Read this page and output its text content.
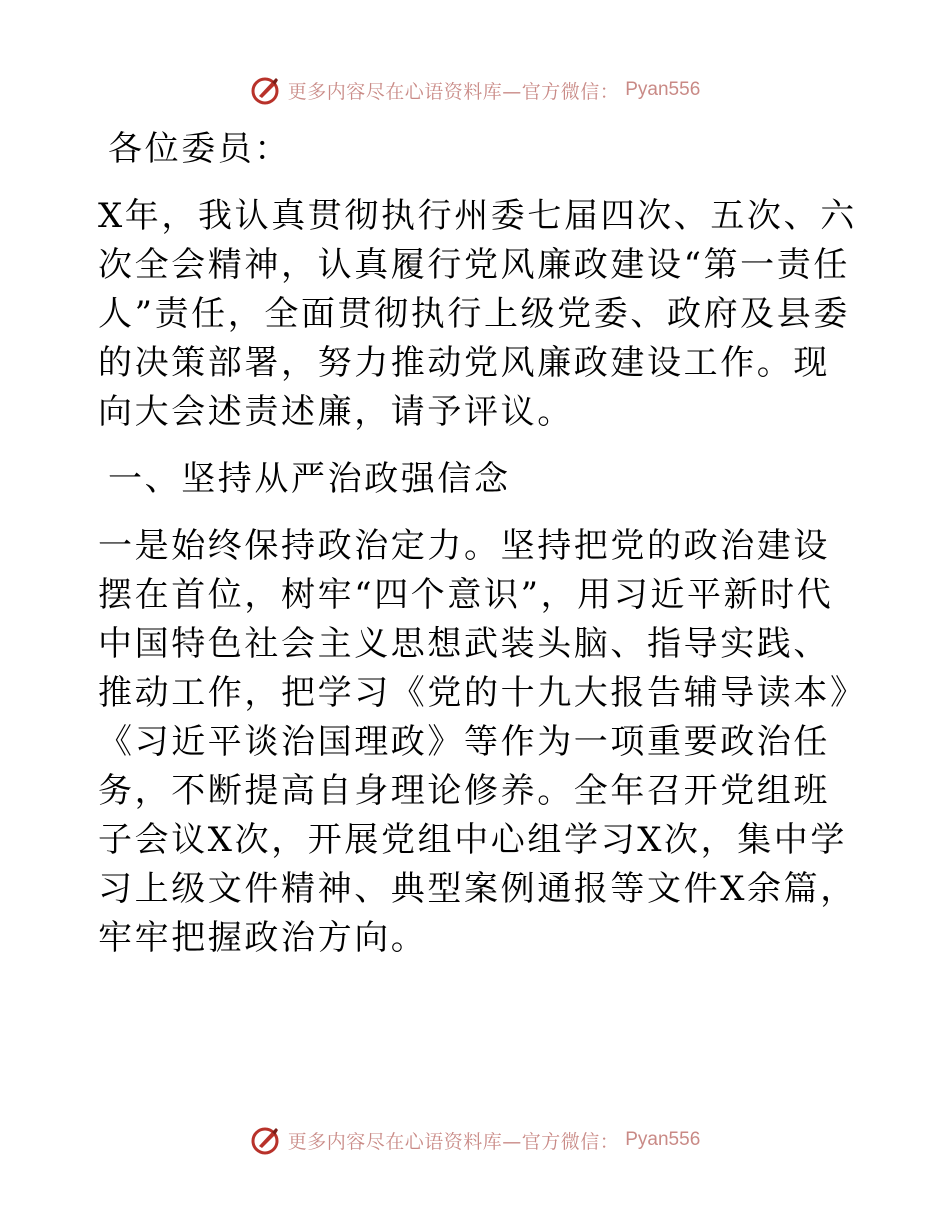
更多内容尽在心语资料库—官方微信： Pyan556

各位委员：

X年，我认真贯彻执行州委七届四次、五次、六次全会精神，认真履行党风廉政建设“第一责任人”责任，全面贯彻执行上级党委、政府及县委的决策部署，努力推动党风廉政建设工作。现向大会述责述廉，请予评议。

一、坚持从严治政强信念

一是始终保持政治定力。坚持把党的政治建设摆在首位，树牢“四个意识”，用习近平新时代中国特色社会主义思想武装头脑、指导实践、推动工作，把学习《党的十九大报告辅导读本》《习近平谈治国理政》等作为一项重要政治任务，不断提高自身理论修养。全年召开党组班子会议X次，开展党组中心组学习X次，集中学习上级文件精神、典型案例通报等文件X余篇，牢牢把握政治方向。

更多内容尽在心语资料库—官方微信： Pyan556
